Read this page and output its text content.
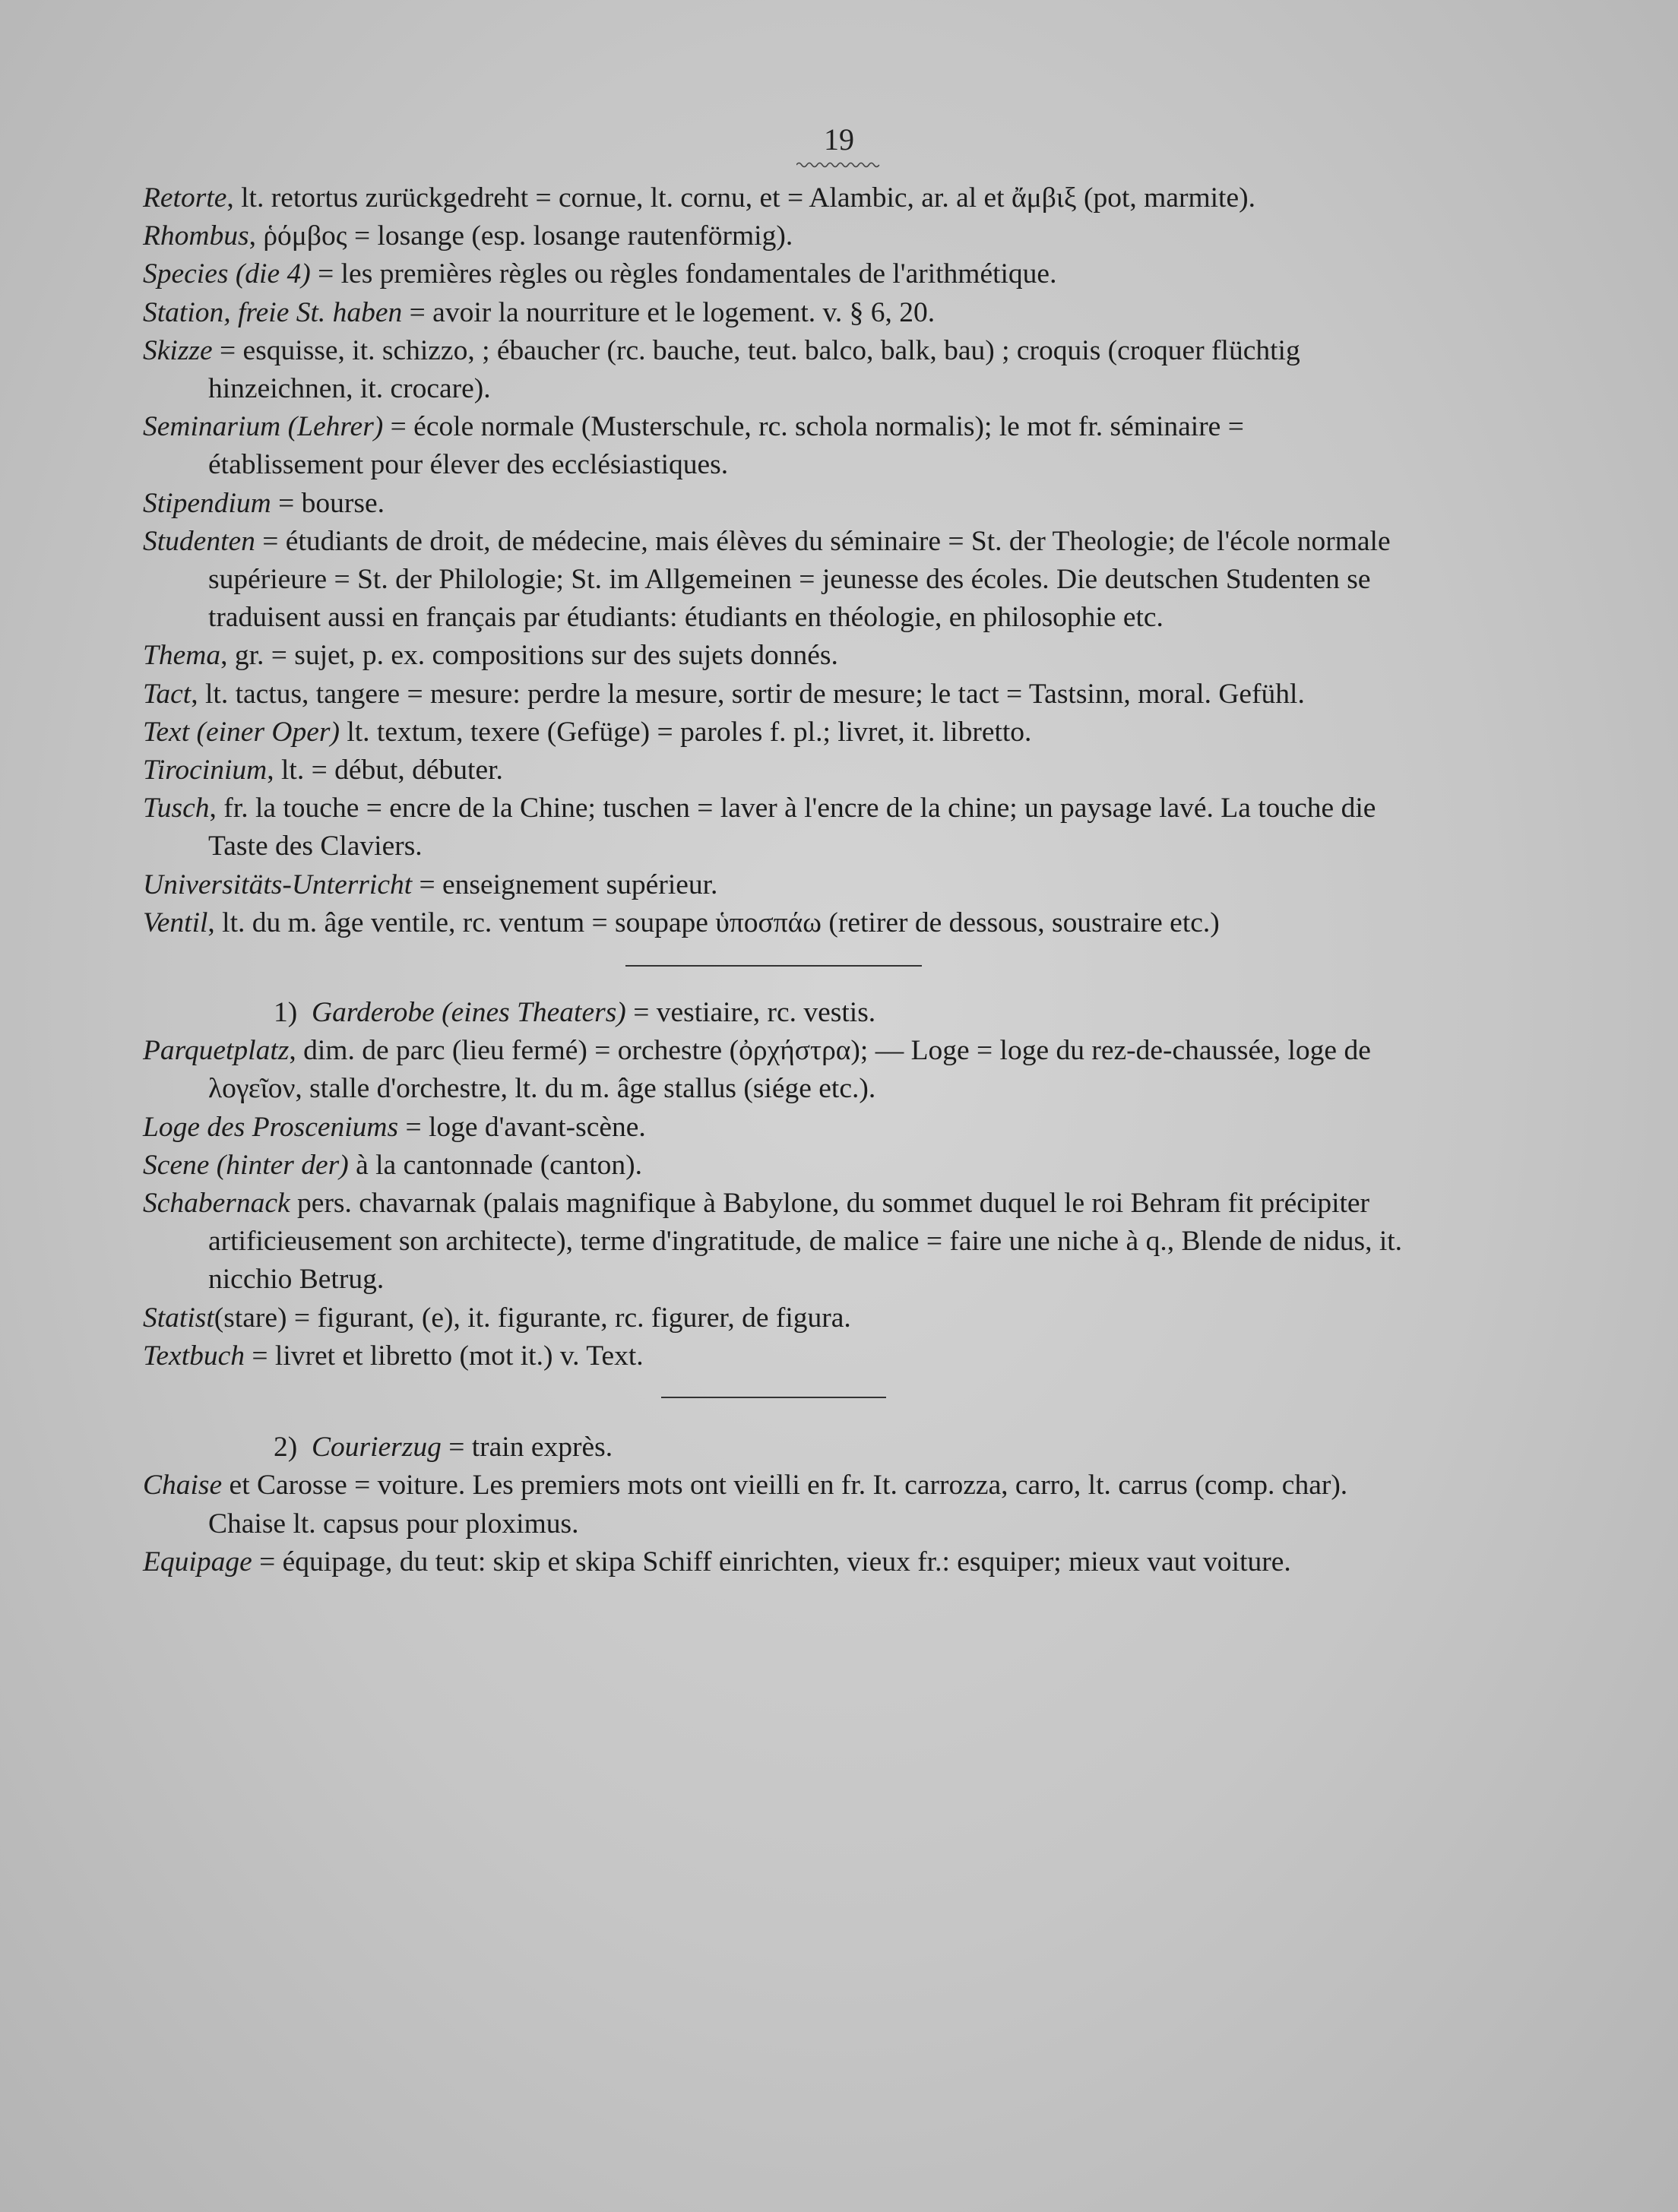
19

Retorte, lt. retortus zurückgedreht = cornue, lt. cornu, et = Alambic, ar. al et ἄμβιξ (pot, marmite).

Rhombus, ῥόμβος = losange (esp. losange rautenförmig).

Species (die 4) = les premières règles ou règles fondamentales de l'arithmétique.

Station, freie St. haben = avoir la nourriture et le logement. v. § 6, 20.

Skizze = esquisse, it. schizzo, ; ébaucher (rc. bauche, teut. balco, balk, bau) ; croquis (croquer flüchtig hinzeichnen, it. crocare).

Seminarium (Lehrer) = école normale (Musterschule, rc. schola normalis); le mot fr. séminaire = établissement pour élever des ecclésiastiques.

Stipendium = bourse.

Studenten = étudiants de droit, de médecine, mais élèves du séminaire = St. der Theologie; de l'école normale supérieure = St. der Philologie; St. im Allgemeinen = jeunesse des écoles. Die deutschen Studenten se traduisent aussi en français par étudiants: étudiants en théologie, en philosophie etc.

Thema, gr. = sujet, p. ex. compositions sur des sujets donnés.

Tact, lt. tactus, tangere = mesure: perdre la mesure, sortir de mesure; le tact = Tastsinn, moral. Gefühl.

Text (einer Oper) lt. textum, texere (Gefüge) = paroles f. pl.; livret, it. libretto.

Tirocinium, lt. = début, débuter.

Tusch, fr. la touche = encre de la Chine; tuschen = laver à l'encre de la chine; un paysage lavé. La touche die Taste des Claviers.

Universitäts-Unterricht = enseignement supérieur.

Ventil, lt. du m. âge ventile, rc. ventum = soupape ὑποσπάω (retirer de dessous, soustraire etc.)

1) Garderobe (eines Theaters) = vestiaire, rc. vestis.

Parquetplatz, dim. de parc (lieu fermé) = orchestre (ὀρχήστρα); — Loge = loge du rez-de-chaussée, loge de λογεῖον, stalle d'orchestre, lt. du m. âge stallus (siége etc.).

Loge des Prosceniums = loge d'avant-scène.

Scene (hinter der) à la cantonnade (canton).

Schabernack pers. chavarnak (palais magnifique à Babylone, du sommet duquel le roi Behram fit précipiter artificieusement son architecte), terme d'ingratitude, de malice = faire une niche à q., Blende de nidus, it. nicchio Betrug.

Statist(stare) = figurant, (e), it. figurante, rc. figurer, de figura.

Textbuch = livret et libretto (mot it.) v. Text.

2) Courierzug = train exprès.

Chaise et Carosse = voiture. Les premiers mots ont vieilli en fr. It. carrozza, carro, lt. carrus (comp. char). Chaise lt. capsus pour ploximus.

Equipage = équipage, du teut: skip et skipa Schiff einrichten, vieux fr.: esquiper; mieux vaut voiture.
